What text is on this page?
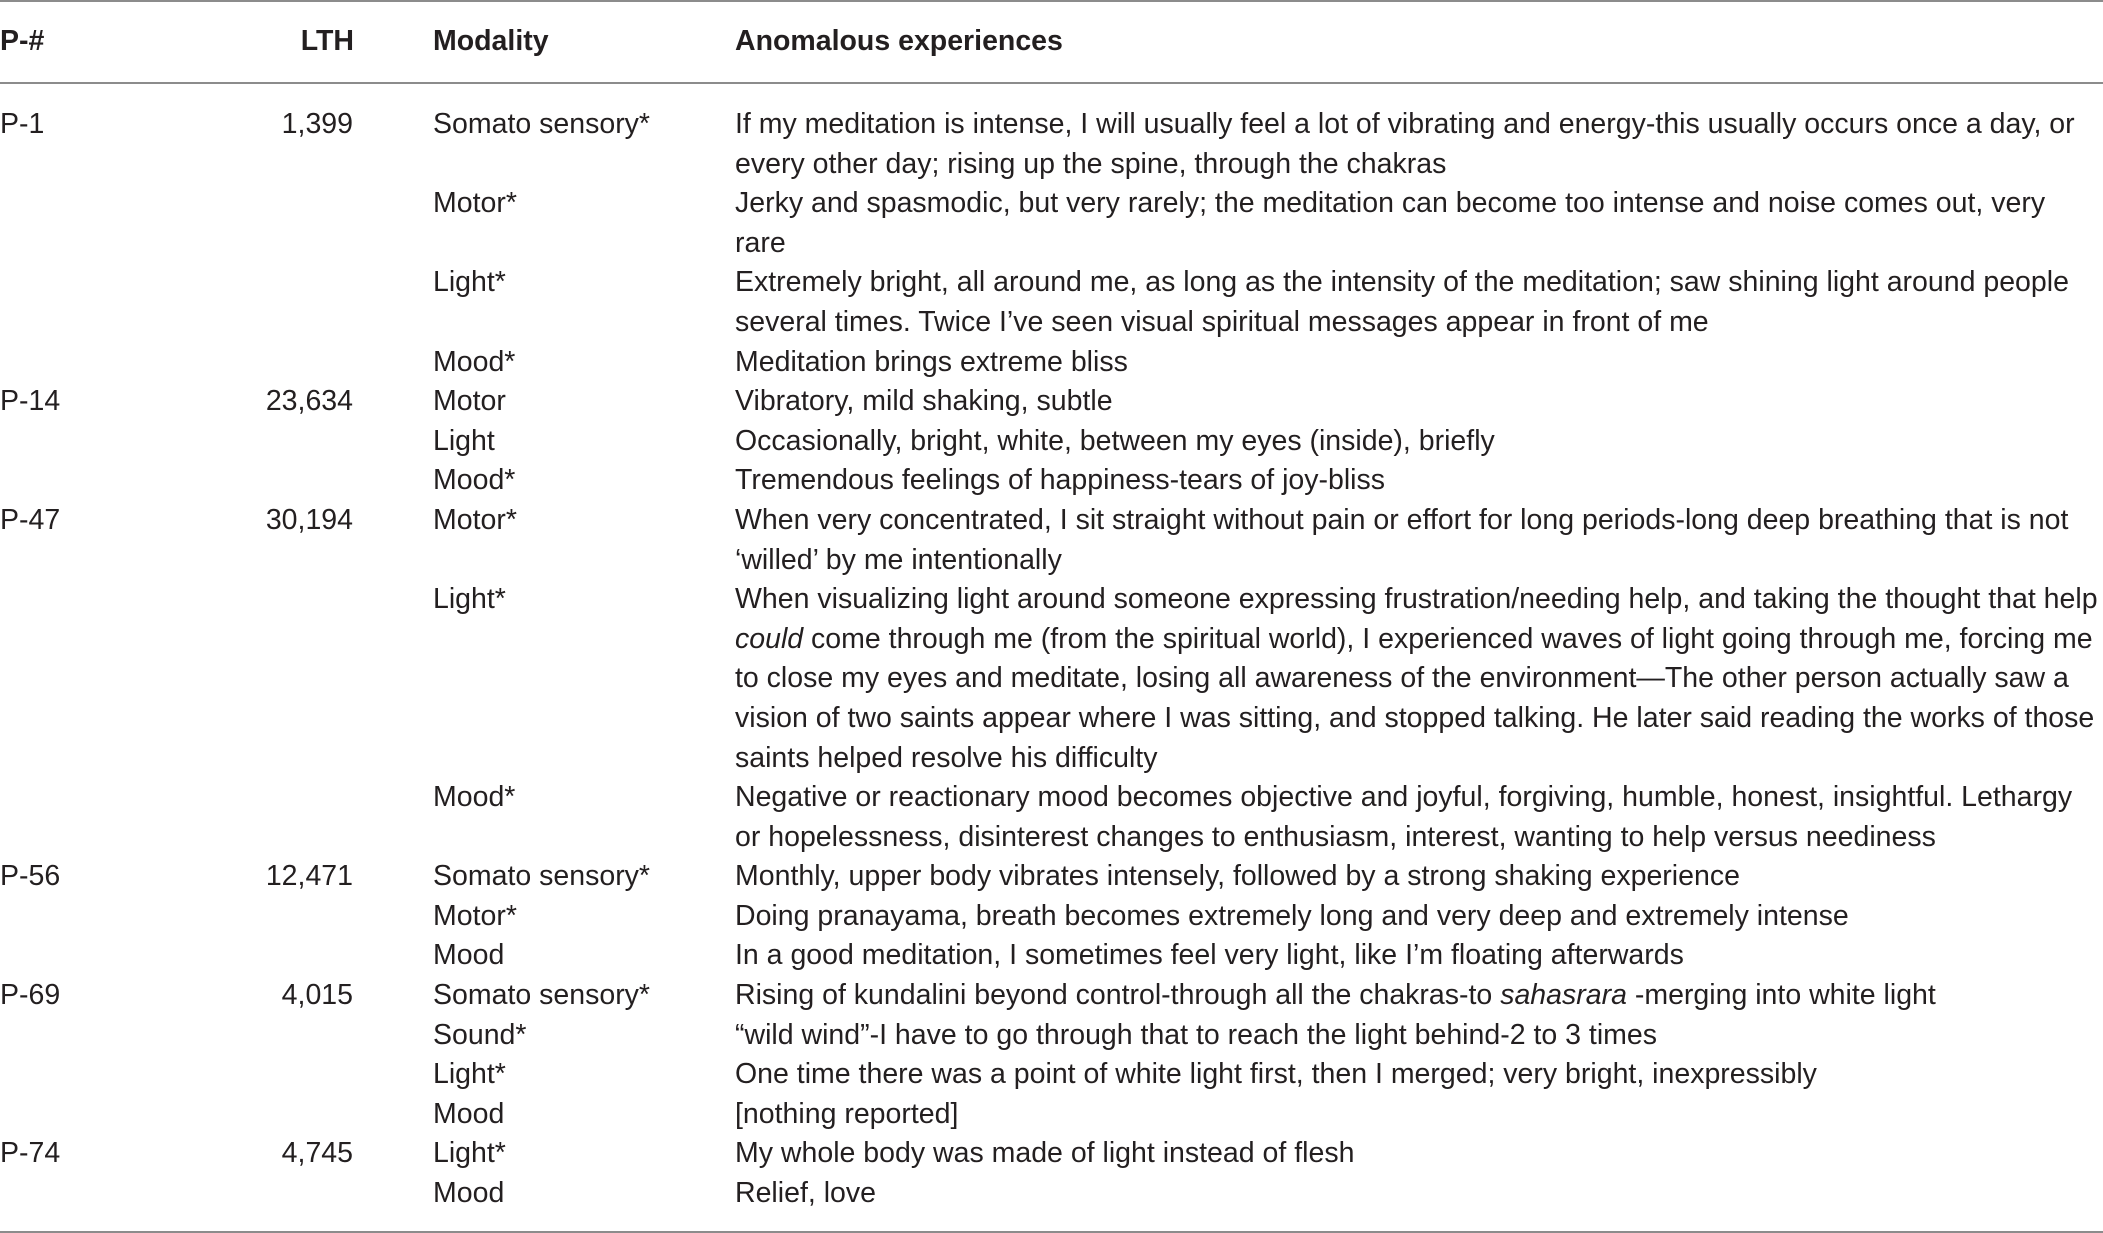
P-#	LTH	Modality	Anomalous experiences
P-1	1,399	Somato sensory*	If my meditation is intense, I will usually feel a lot of vibrating and energy-this usually occurs once a day, or every other day; rising up the spine, through the chakras
		Motor*	Jerky and spasmodic, but very rarely; the meditation can become too intense and noise comes out, very rare
		Light*	Extremely bright, all around me, as long as the intensity of the meditation; saw shining light around people several times. Twice I’ve seen visual spiritual messages appear in front of me
		Mood*	Meditation brings extreme bliss
P-14	23,634	Motor	Vibratory, mild shaking, subtle
		Light	Occasionally, bright, white, between my eyes (inside), briefly
		Mood*	Tremendous feelings of happiness-tears of joy-bliss
P-47	30,194	Motor*	When very concentrated, I sit straight without pain or effort for long periods-long deep breathing that is not ‘willed’ by me intentionally
		Light*	When visualizing light around someone expressing frustration/needing help, and taking the thought that help could come through me (from the spiritual world), I experienced waves of light going through me, forcing me to close my eyes and meditate, losing all awareness of the environment—The other person actually saw a vision of two saints appear where I was sitting, and stopped talking. He later said reading the works of those saints helped resolve his difficulty
		Mood*	Negative or reactionary mood becomes objective and joyful, forgiving, humble, honest, insightful. Lethargy or hopelessness, disinterest changes to enthusiasm, interest, wanting to help versus neediness
P-56	12,471	Somato sensory*	Monthly, upper body vibrates intensely, followed by a strong shaking experience
		Motor*	Doing pranayama, breath becomes extremely long and very deep and extremely intense
		Mood	In a good meditation, I sometimes feel very light, like I’m floating afterwards
P-69	4,015	Somato sensory*	Rising of kundalini beyond control-through all the chakras-to sahasrara -merging into white light
		Sound*	“wild wind”-I have to go through that to reach the light behind-2 to 3 times
		Light*	One time there was a point of white light first, then I merged; very bright, inexpressibly
		Mood	[nothing reported]
P-74	4,745	Light*	My whole body was made of light instead of flesh
		Mood	Relief, love
